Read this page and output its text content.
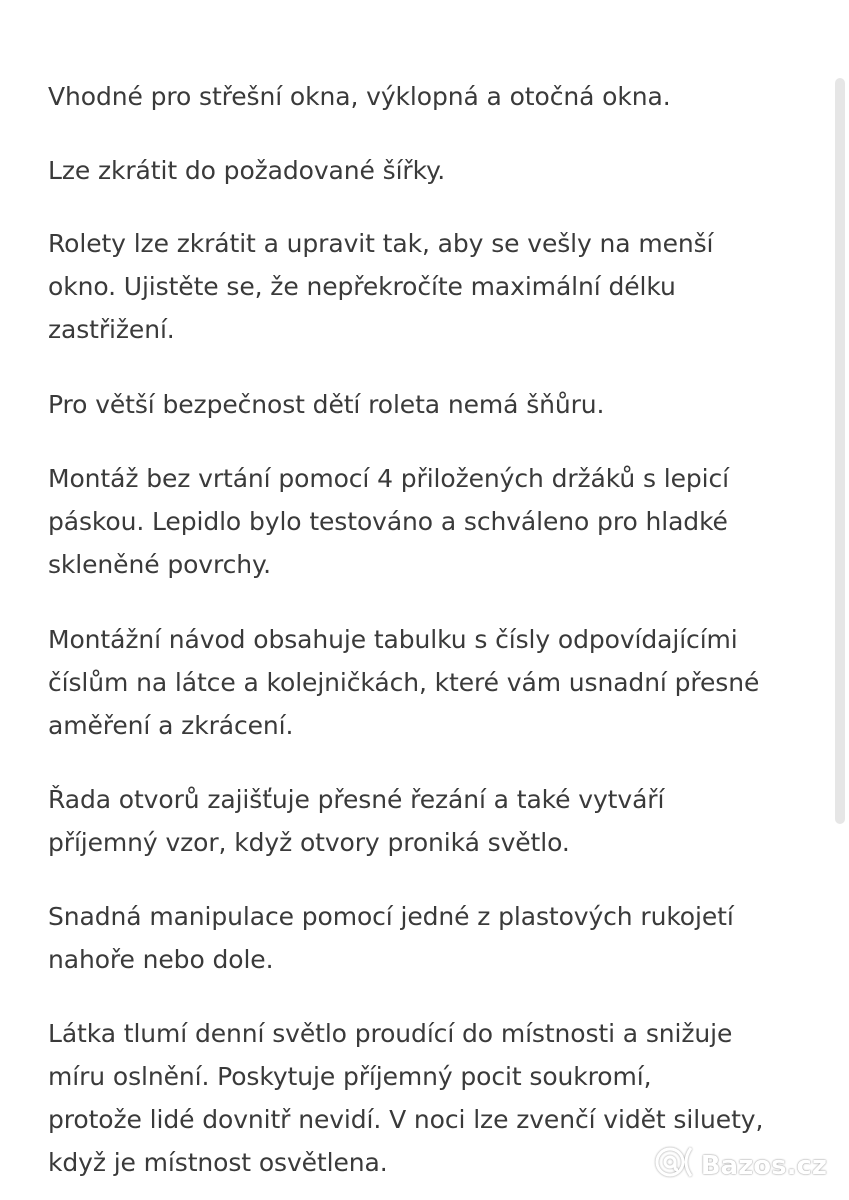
Vhodné pro střešní okna, výklopná a otočná okna.

Lze zkrátit do požadované šířky.

Rolety lze zkrátit a upravit tak, aby se vešly na menší
okno. Ujistěte se, že nepřekročíte maximální délku
zastřižení.

Pro větší bezpečnost dětí roleta nemá šňůru.

Montáž bez vrtání pomocí 4 přiložených držáků s lepicí
páskou. Lepidlo bylo testováno a schváleno pro hladké
skleněné povrchy.

Montážní návod obsahuje tabulku s čísly odpovídajícími
číslům na látce a kolejničkách, které vám usnadní přesné
aměření a zkrácení.

Řada otvorů zajišťuje přesné řezání a také vytváří
příjemný vzor, když otvory proniká světlo.

Snadná manipulace pomocí jedné z plastových rukojetí
nahoře nebo dole.

Látka tlumí denní světlo proudící do místnosti a snižuje
míru oslnění. Poskytuje příjemný pocit soukromí,
protože lidé dovnitř nevidí. V noci lze zvenčí vidět siluety,
když je místnost osvětlena.	Bazos.cz
